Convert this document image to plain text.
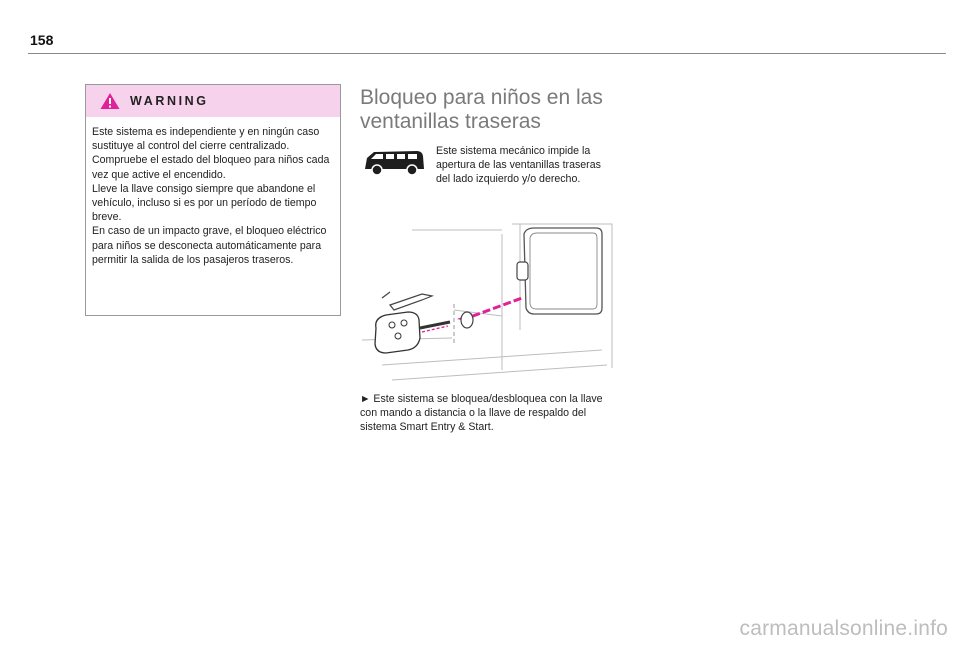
158
WARNING

Este sistema es independiente y en ningún caso sustituye al control del cierre centralizado.

Compruebe el estado del bloqueo para niños cada vez que active el encendido.

Lleve la llave consigo siempre que abandone el vehículo, incluso si es por un período de tiempo breve.

En caso de un impacto grave, el bloqueo eléctrico para niños se desconecta automáticamente para permitir la salida de los pasajeros traseros.

Bloqueo para niños en las ventanillas traseras

Este sistema mecánico impide la apertura de las ventanillas traseras del lado izquierdo y/o derecho.

► Este sistema se bloquea/desbloquea con la llave con mando a distancia o la llave de respaldo del sistema Smart Entry & Start.

carmanualsonline.info
